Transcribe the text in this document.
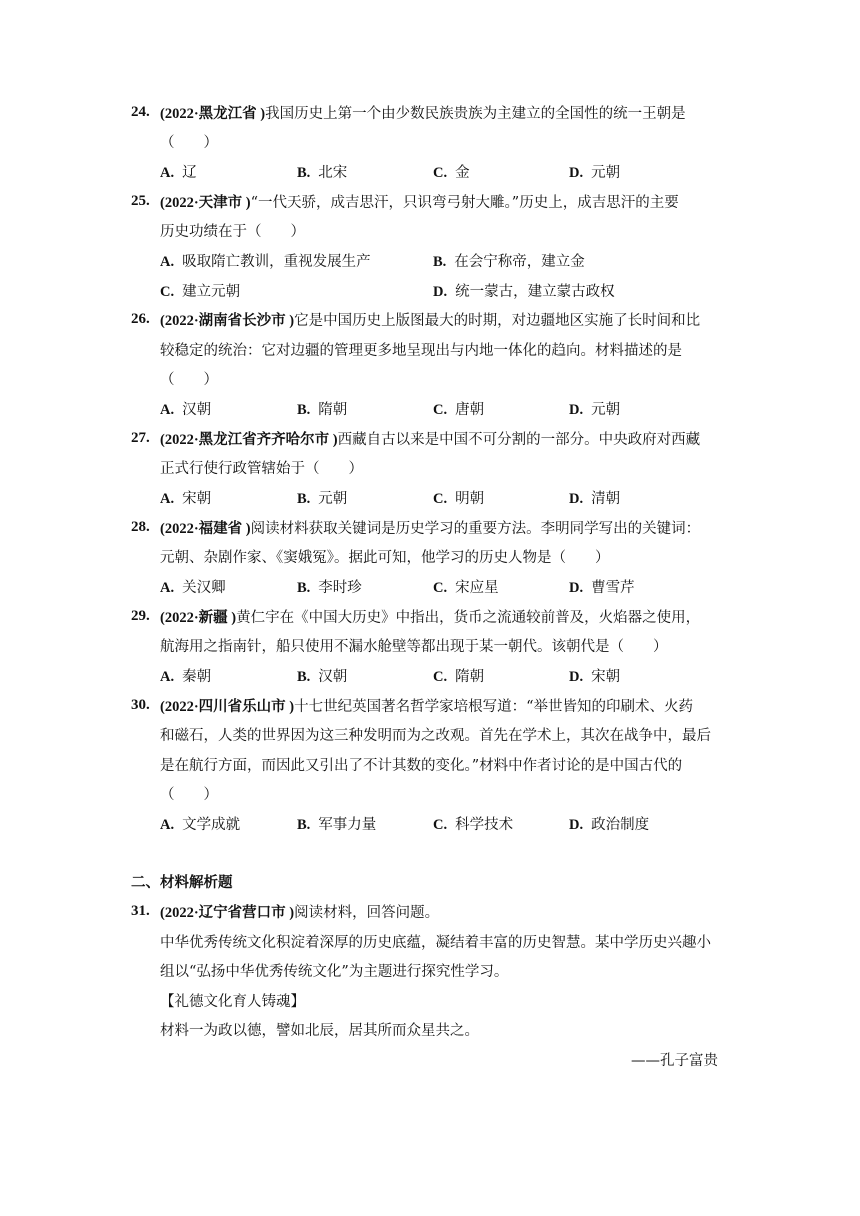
24. (2022·黑龙江省 )我国历史上第一个由少数民族贵族为主建立的全国性的统一王朝是
（　　）
A. 辽	B. 北宋	C. 金	D. 元朝
25. (2022·天津市 )“一代天骄，成吉思汗，只识弯弓射大雕。”历史上，成吉思汗的主要
历史功绩在于（　　）
A. 吸取隋亡教训，重视发展生产	B. 在会宁称帝，建立金
C. 建立元朝	D. 统一蒙古，建立蒙古政权
26. (2022·湖南省长沙市 )它是中国历史上版图最大的时期，对边疆地区实施了长时间和比
较稳定的统治：它对边疆的管理更多地呈现出与内地一体化的趋向。材料描述的是
（　　）
A. 汉朝	B. 隋朝	C. 唐朝	D. 元朝
27. (2022·黑龙江省齐齐哈尔市 )西藏自古以来是中国不可分割的一部分。中央政府对西藏
正式行使行政管辖始于（　　）
A. 宋朝	B. 元朝	C. 明朝	D. 清朝
28. (2022·福建省 )阅读材料获取关键词是历史学习的重要方法。李明同学写出的关键词：
元朝、杂剧作家、《窦娥冤》。据此可知，他学习的历史人物是（　　）
A. 关汉卿	B. 李时珍	C. 宋应星	D. 曹雪芹
29. (2022·新疆 )黄仁宇在《中国大历史》中指出，货币之流通较前普及，火焰器之使用，
航海用之指南针，船只使用不漏水舱壁等都出现于某一朝代。该朝代是（　　）
A. 秦朝	B. 汉朝	C. 隋朝	D. 宋朝
30. (2022·四川省乐山市 )十七世纪英国著名哲学家培根写道：“举世皆知的印刷术、火药
和磁石，人类的世界因为这三种发明而为之改观。首先在学术上，其次在战争中，最后
是在航行方面，而因此又引出了不计其数的变化。”材料中作者讨论的是中国古代的
（　　）
A. 文学成就	B. 军事力量	C. 科学技术	D. 政治制度
二、材料解析题
31. (2022·辽宁省营口市 )阅读材料，回答问题。
中华优秀传统文化积淀着深厚的历史底蕴，凝结着丰富的历史智慧。某中学历史兴趣小
组以“弘扬中华优秀传统文化”为主题进行探究性学习。
【礼德文化育人铸魂】
材料一为政以德，譬如北辰，居其所而众星共之。
——孔子富贵
